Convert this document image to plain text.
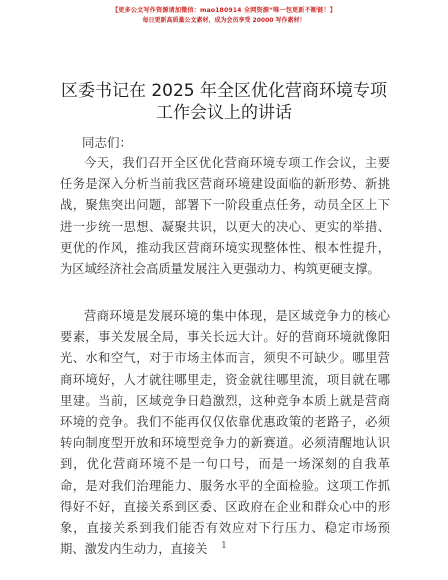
【更多公文写作资源请加微信：mao180914 全网资源“唯一包更新不断链！】
每日更新高质量公文素材，成为会员享受 20000 写作素材！
区委书记在 2025 年全区优化营商环境专项工作会议上的讲话
同志们：
今天，我们召开全区优化营商环境专项工作会议，主要任务是深入分析当前我区营商环境建设面临的新形势、新挑战，聚焦突出问题，部署下一阶段重点任务，动员全区上下进一步统一思想、凝聚共识，以更大的决心、更实的举措、更优的作风，推动我区营商环境实现整体性、根本性提升，为区域经济社会高质量发展注入更强动力、构筑更硬支撑。
营商环境是发展环境的集中体现，是区域竞争力的核心要素，事关发展全局，事关长远大计。好的营商环境就像阳光、水和空气，对于市场主体而言，须臾不可缺少。哪里营商环境好，人才就往哪里走，资金就往哪里流，项目就在哪里建。当前，区域竞争日趋激烈，这种竞争本质上就是营商环境的竞争。我们不能再仅仅依靠优惠政策的老路子，必须转向制度型开放和环境型竞争力的新赛道。必须清醒地认识到，优化营商环境不是一句口号，而是一场深刻的自我革命，是对我们治理能力、服务水平的全面检验。这项工作抓得好不好，直接关系到区委、区政府在企业和群众心中的形象，直接关系到我们能否有效应对下行压力、稳定市场预期、激发内生动力，直接关	1
